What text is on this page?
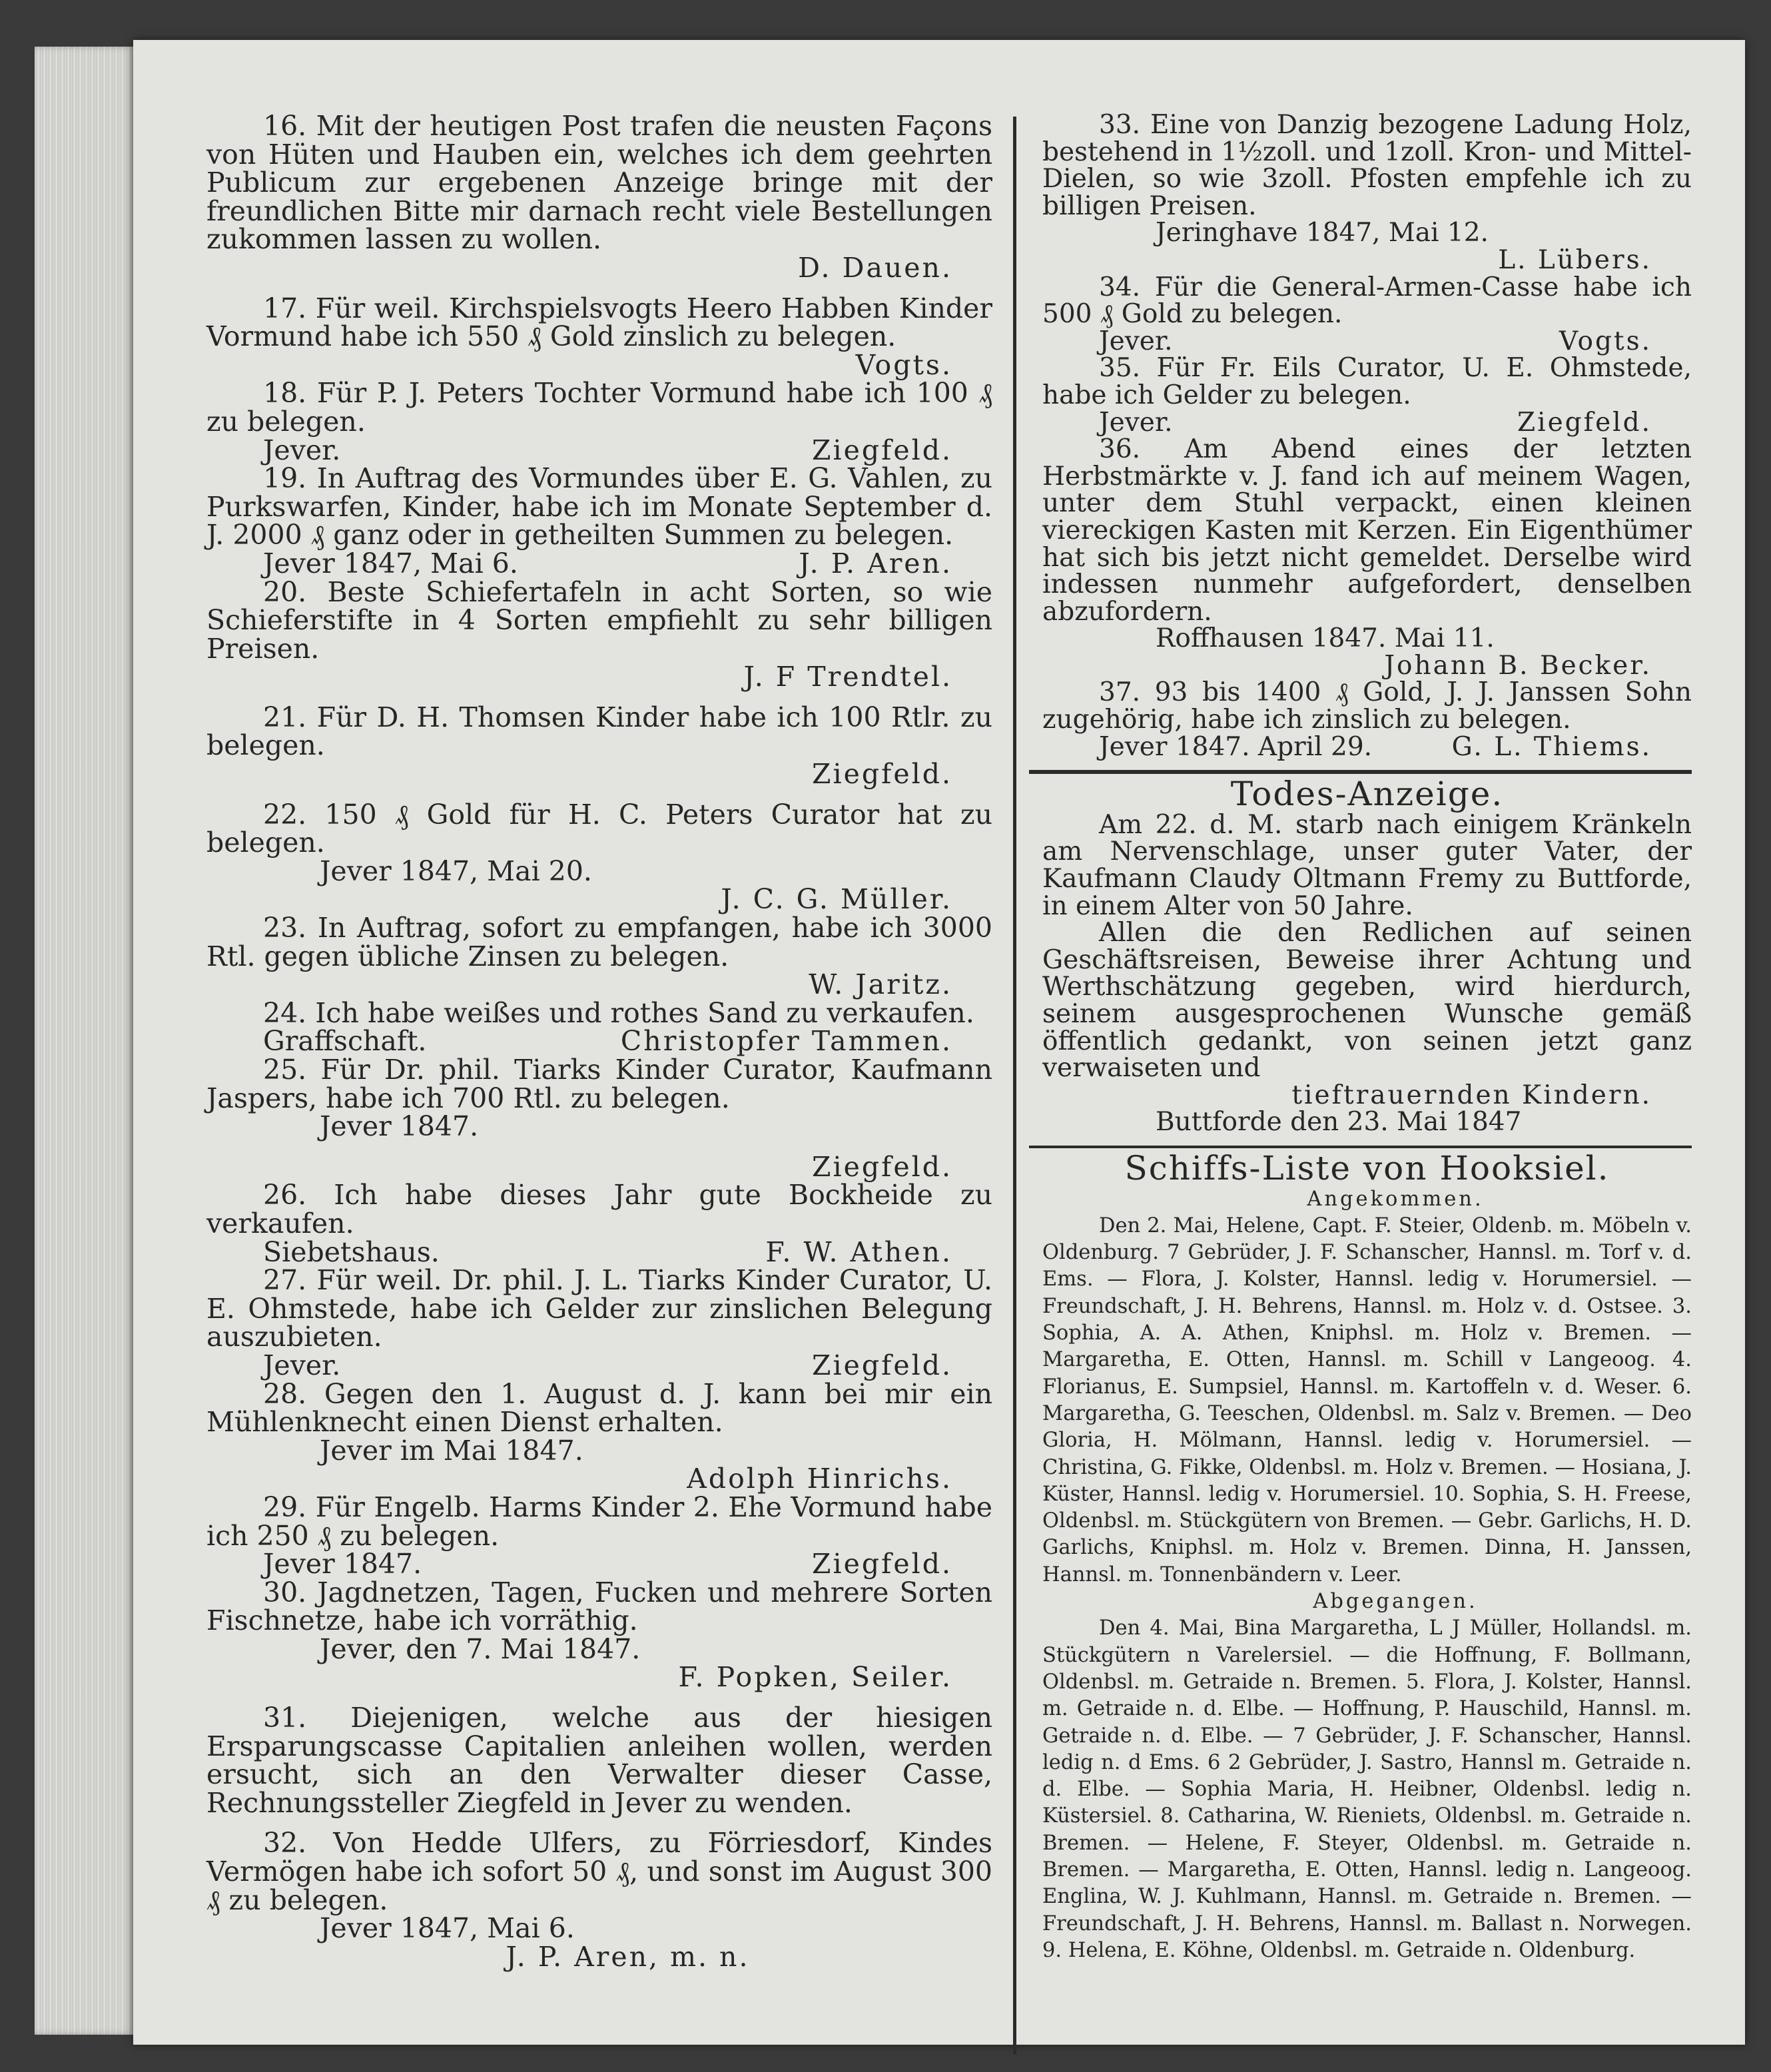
16. Mit der heutigen Post trafen die neusten Façons von Hüten und Hauben ein, welches ich dem geehrten Publicum zur ergebenen Anzeige bringe mit der freundlichen Bitte mir darnach recht viele Bestellungen zukommen lassen zu wollen.

D. Dauen.

17. Für weil. Kirchspielsvogts Heero Habben Kinder Vormund habe ich 550 ₰ Gold zinslich zu belegen.

Vogts.

18. Für P. J. Peters Tochter Vormund habe ich 100 ₰ zu belegen.

Jever.	Ziegfeld.

19. In Auftrag des Vormundes über E. G. Vahlen, zu Purkswarfen, Kinder, habe ich im Monate September d. J. 2000 ₰ ganz oder in getheilten Summen zu belegen.

Jever 1847, Mai 6.	J. P. Aren.

20. Beste Schiefertafeln in acht Sorten, so wie Schieferstifte in 4 Sorten empfiehlt zu sehr billigen Preisen.

J. F Trendtel.

21. Für D. H. Thomsen Kinder habe ich 100 Rtlr. zu belegen.

Ziegfeld.

22. 150 ₰ Gold für H. C. Peters Curator hat zu belegen.

Jever 1847, Mai 20.

J. C. G. Müller.

23. In Auftrag, sofort zu empfangen, habe ich 3000 Rtl. gegen übliche Zinsen zu belegen.

W. Jaritz.

24. Ich habe weißes und rothes Sand zu verkaufen.

Graffschaft.	Christopfer Tammen.

25. Für Dr. phil. Tiarks Kinder Curator, Kaufmann Jaspers, habe ich 700 Rtl. zu belegen.

Jever 1847.

Ziegfeld.

26. Ich habe dieses Jahr gute Bockheide zu verkaufen.

Siebetshaus.	F. W. Athen.

27. Für weil. Dr. phil. J. L. Tiarks Kinder Curator, U. E. Ohmstede, habe ich Gelder zur zinslichen Belegung auszubieten.

Jever.	Ziegfeld.

28. Gegen den 1. August d. J. kann bei mir ein Mühlenknecht einen Dienst erhalten.

Jever im Mai 1847.

Adolph Hinrichs.

29. Für Engelb. Harms Kinder 2. Ehe Vormund habe ich 250 ₰ zu belegen.

Jever 1847.	Ziegfeld.

30. Jagdnetzen, Tagen, Fucken und mehrere Sorten Fischnetze, habe ich vorräthig.

Jever, den 7. Mai 1847.

F. Popken, Seiler.

31. Diejenigen, welche aus der hiesigen Ersparungscasse Capitalien anleihen wollen, werden ersucht, sich an den Verwalter dieser Casse, Rechnungssteller Ziegfeld in Jever zu wenden.

32. Von Hedde Ulfers, zu Förriesdorf, Kindes Vermögen habe ich sofort 50 ₰, und sonst im August 300 ₰ zu belegen.

Jever 1847, Mai 6.

J. P. Aren, m. n.

33. Eine von Danzig bezogene Ladung Holz, bestehend in 1½zoll. und 1zoll. Kron- und Mittel-Dielen, so wie 3zoll. Pfosten empfehle ich zu billigen Preisen.

Jeringhave 1847, Mai 12.

L. Lübers.

34. Für die General-Armen-Casse habe ich 500 ₰ Gold zu belegen.

Jever.	Vogts.

35. Für Fr. Eils Curator, U. E. Ohmstede, habe ich Gelder zu belegen.

Jever.	Ziegfeld.

36. Am Abend eines der letzten Herbstmärkte v. J. fand ich auf meinem Wagen, unter dem Stuhl verpackt, einen kleinen viereckigen Kasten mit Kerzen. Ein Eigenthümer hat sich bis jetzt nicht gemeldet. Derselbe wird indessen nunmehr aufgefordert, denselben abzufordern.

Roffhausen 1847. Mai 11.

Johann B. Becker.

37. 93 bis 1400 ₰ Gold, J. J. Janssen Sohn zugehörig, habe ich zinslich zu belegen.

Jever 1847. April 29.	G. L. Thiems.
Todes-Anzeige.

Am 22. d. M. starb nach einigem Kränkeln am Nervenschlage, unser guter Vater, der Kaufmann Claudy Oltmann Fremy zu Buttforde, in einem Alter von 50 Jahre.

Allen die den Redlichen auf seinen Geschäftsreisen, Beweise ihrer Achtung und Werthschätzung gegeben, wird hierdurch, seinem ausgesprochenen Wunsche gemäß öffentlich gedankt, von seinen jetzt ganz verwaiseten und

tieftrauernden Kindern.

Buttforde den 23. Mai 1847

Schiffs-Liste von Hooksiel.

Angekommen.

Den 2. Mai, Helene, Capt. F. Steier, Oldenb. m. Möbeln v. Oldenburg. 7 Gebrüder, J. F. Schanscher, Hannsl. m. Torf v. d. Ems. — Flora, J. Kolster, Hannsl. ledig v. Horumersiel. — Freundschaft, J. H. Behrens, Hannsl. m. Holz v. d. Ostsee. 3. Sophia, A. A. Athen, Kniphsl. m. Holz v. Bremen. — Margaretha, E. Otten, Hannsl. m. Schill v Langeoog. 4. Florianus, E. Sumpsiel, Hannsl. m. Kartoffeln v. d. Weser. 6. Margaretha, G. Teeschen, Oldenbsl. m. Salz v. Bremen. — Deo Gloria, H. Mölmann, Hannsl. ledig v. Horumersiel. — Christina, G. Fikke, Oldenbsl. m. Holz v. Bremen. — Hosiana, J. Küster, Hannsl. ledig v. Horumersiel. 10. Sophia, S. H. Freese, Oldenbsl. m. Stückgütern von Bremen. — Gebr. Garlichs, H. D. Garlichs, Kniphsl. m. Holz v. Bremen. Dinna, H. Janssen, Hannsl. m. Tonnenbändern v. Leer.

Abgegangen.

Den 4. Mai, Bina Margaretha, L J Müller, Hollandsl. m. Stückgütern n Varelersiel. — die Hoffnung, F. Bollmann, Oldenbsl. m. Getraide n. Bremen. 5. Flora, J. Kolster, Hannsl. m. Getraide n. d. Elbe. — Hoffnung, P. Hauschild, Hannsl. m. Getraide n. d. Elbe. — 7 Gebrüder, J. F. Schanscher, Hannsl. ledig n. d Ems. 6 2 Gebrüder, J. Sastro, Hannsl m. Getraide n. d. Elbe. — Sophia Maria, H. Heibner, Oldenbsl. ledig n. Küstersiel. 8. Catharina, W. Rieniets, Oldenbsl. m. Getraide n. Bremen. — Helene, F. Steyer, Oldenbsl. m. Getraide n. Bremen. — Margaretha, E. Otten, Hannsl. ledig n. Langeoog. Englina, W. J. Kuhlmann, Hannsl. m. Getraide n. Bremen. — Freundschaft, J. H. Behrens, Hannsl. m. Ballast n. Norwegen. 9. Helena, E. Köhne, Oldenbsl. m. Getraide n. Oldenburg.
